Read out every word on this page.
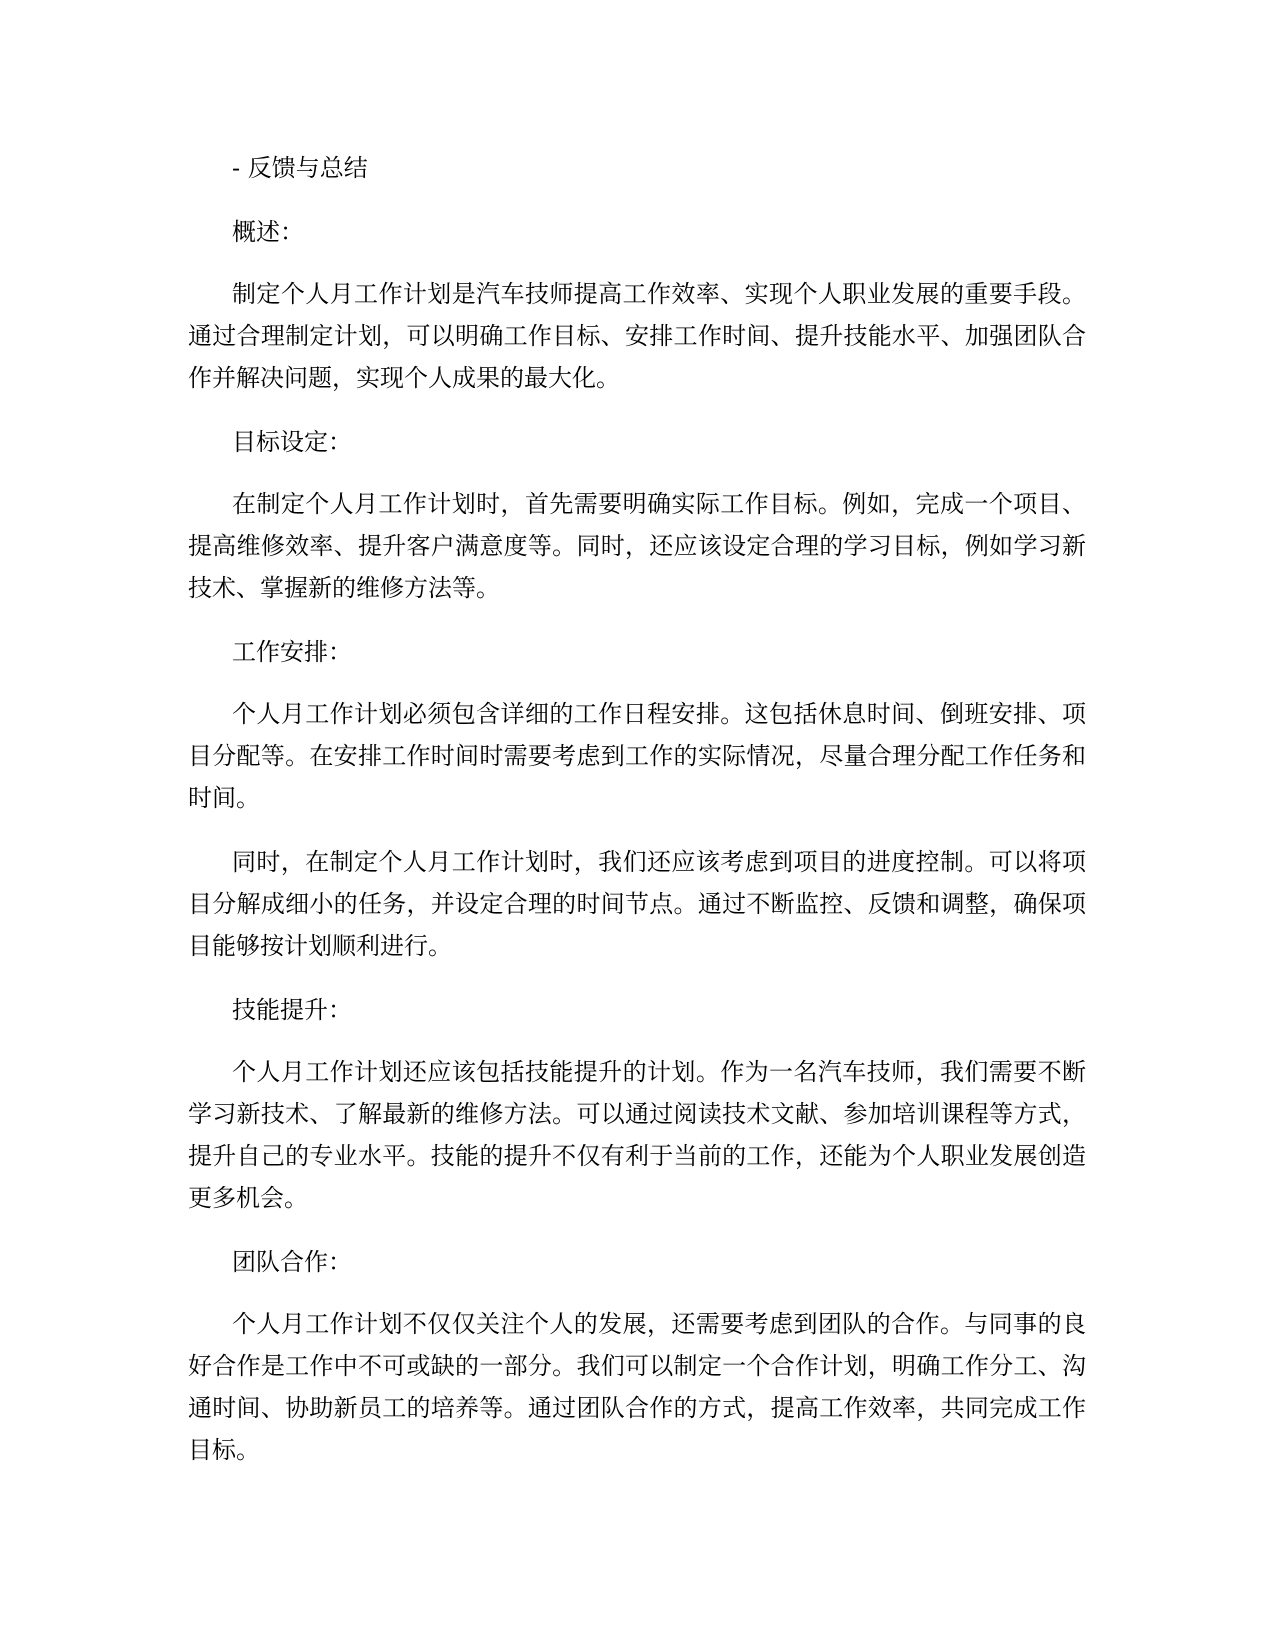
- 反馈与总结

概述：

制定个人月工作计划是汽车技师提高工作效率、实现个人职业发展的重要手段。通过合理制定计划，可以明确工作目标、安排工作时间、提升技能水平、加强团队合作并解决问题，实现个人成果的最大化。

目标设定：

在制定个人月工作计划时，首先需要明确实际工作目标。例如，完成一个项目、提高维修效率、提升客户满意度等。同时，还应该设定合理的学习目标，例如学习新技术、掌握新的维修方法等。

工作安排：

个人月工作计划必须包含详细的工作日程安排。这包括休息时间、倒班安排、项目分配等。在安排工作时间时需要考虑到工作的实际情况，尽量合理分配工作任务和时间。

同时，在制定个人月工作计划时，我们还应该考虑到项目的进度控制。可以将项目分解成细小的任务，并设定合理的时间节点。通过不断监控、反馈和调整，确保项目能够按计划顺利进行。

技能提升：

个人月工作计划还应该包括技能提升的计划。作为一名汽车技师，我们需要不断学习新技术、了解最新的维修方法。可以通过阅读技术文献、参加培训课程等方式，提升自己的专业水平。技能的提升不仅有利于当前的工作，还能为个人职业发展创造更多机会。

团队合作：

个人月工作计划不仅仅关注个人的发展，还需要考虑到团队的合作。与同事的良好合作是工作中不可或缺的一部分。我们可以制定一个合作计划，明确工作分工、沟通时间、协助新员工的培养等。通过团队合作的方式，提高工作效率，共同完成工作目标。
